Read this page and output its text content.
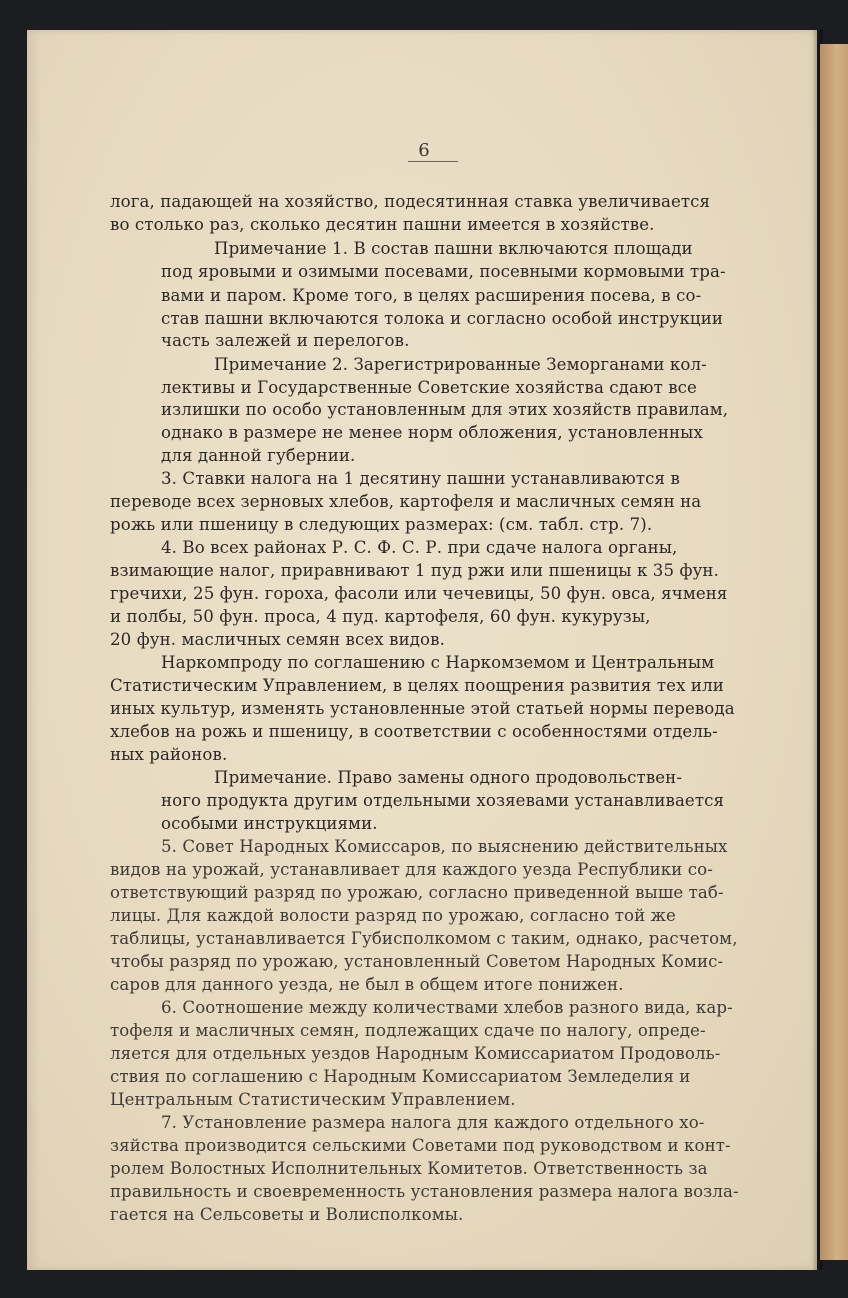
6
лога, падающей на хозяйство, подесятинная ставка увеличивается
во столько раз, сколько десятин пашни имеется в хозяйстве.
Примечание 1. В состав пашни включаются площади
под яровыми и озимыми посевами, посевными кормовыми тра-
вами и паром. Кроме того, в целях расширения посева, в со-
став пашни включаются толока и согласно особой инструкции
часть залежей и перелогов.
Примечание 2. Зарегистрированные Земорганами кол-
лективы и Государственные Советские хозяйства сдают все
излишки по особо установленным для этих хозяйств правилам,
однако в размере не менее норм обложения, установленных
для данной губернии.
3. Ставки налога на 1 десятину пашни устанавливаются в
переводе всех зерновых хлебов, картофеля и масличных семян на
рожь или пшеницу в следующих размерах: (см. табл. стр. 7).
4. Во всех районах Р. С. Ф. С. Р. при сдаче налога органы,
взимающие налог, приравнивают 1 пуд ржи или пшеницы к 35 фун.
гречихи, 25 фун. гороха, фасоли или чечевицы, 50 фун. овса, ячменя
и полбы, 50 фун. проса, 4 пуд. картофеля, 60 фун. кукурузы,
20 фун. масличных семян всех видов.
Наркомпроду по соглашению с Наркомземом и Центральным
Статистическим Управлением, в целях поощрения развития тех или
иных культур, изменять установленные этой статьей нормы перевода
хлебов на рожь и пшеницу, в соответствии с особенностями отдель-
ных районов.
Примечание. Право замены одного продовольствен-
ного продукта другим отдельными хозяевами устанавливается
особыми инструкциями.
5. Совет Народных Комиссаров, по выяснению действительных
видов на урожай, устанавливает для каждого уезда Республики со-
ответствующий разряд по урожаю, согласно приведенной выше таб-
лицы. Для каждой волости разряд по урожаю, согласно той же
таблицы, устанавливается Губисполкомом с таким, однако, расчетом,
чтобы разряд по урожаю, установленный Советом Народных Комис-
саров для данного уезда, не был в общем итоге понижен.
6. Соотношение между количествами хлебов разного вида, кар-
тофеля и масличных семян, подлежащих сдаче по налогу, опреде-
ляется для отдельных уездов Народным Комиссариатом Продоволь-
ствия по соглашению с Народным Комиссариатом Земледелия и
Центральным Статистическим Управлением.
7. Установление размера налога для каждого отдельного хо-
зяйства производится сельскими Советами под руководством и конт-
ролем Волостных Исполнительных Комитетов. Ответственность за
правильность и своевременность установления размера налога возла-
гается на Сельсоветы и Волисполкомы.
